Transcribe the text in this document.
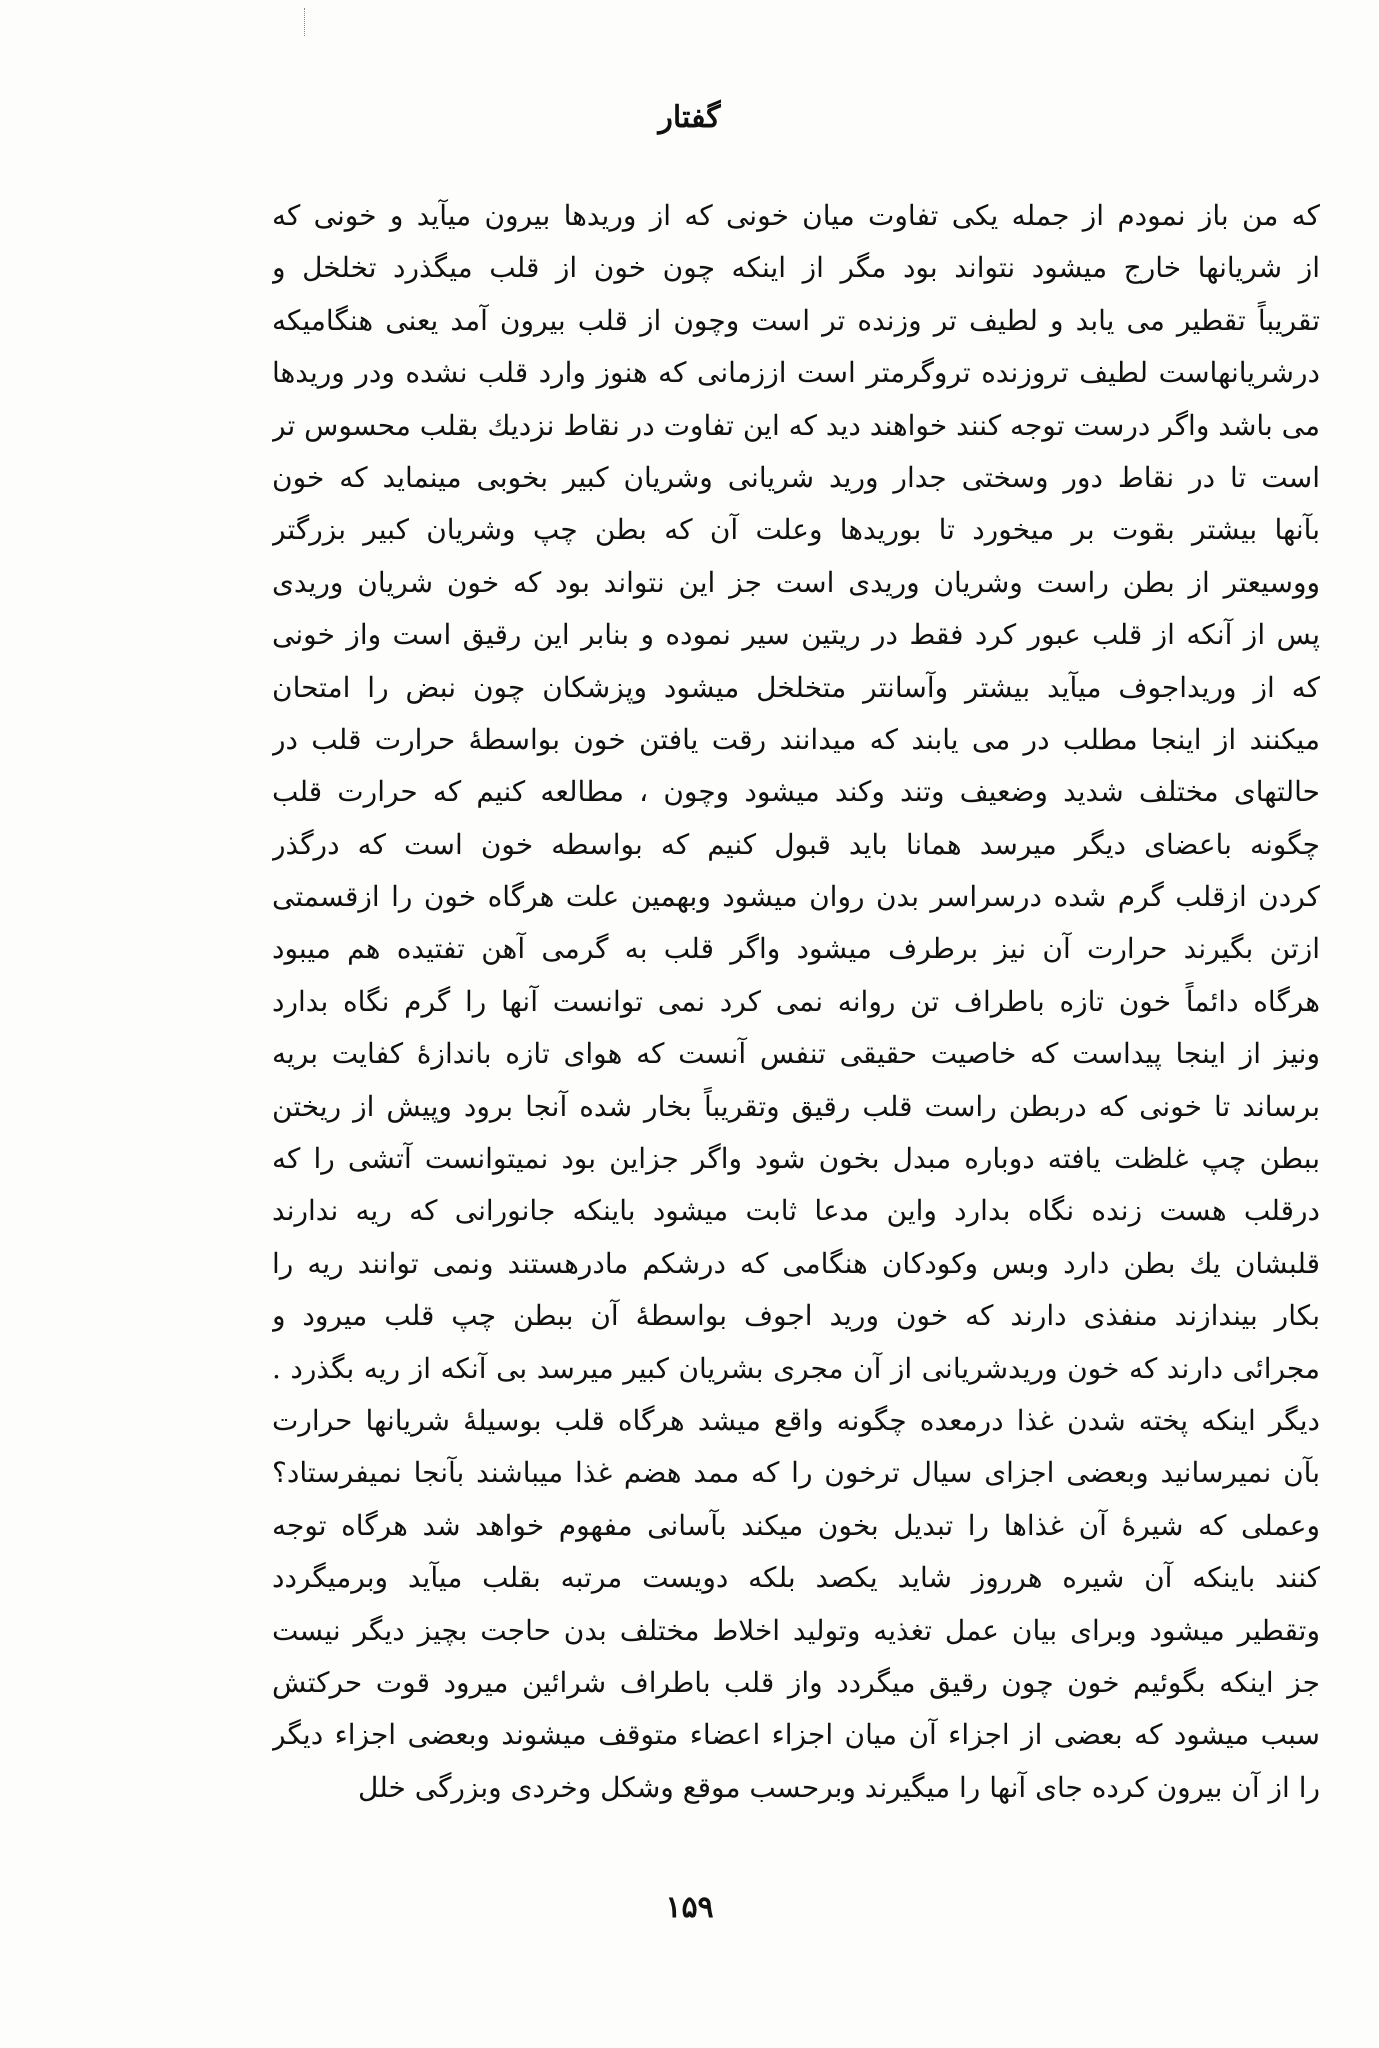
گفتار
که من باز نمودم از جمله یکی تفاوت میان خونی که از وریدها بیرون میآید و خونی که
از شریانها خارج میشود نتواند بود مگر از اینکه چون خون از قلب میگذرد تخلخل و
تقریباً تقطیر می یابد و لطیف تر وزنده تر است وچون از قلب بیرون آمد یعنی هنگامیکه
درشریانهاست لطیف تروزنده تروگرمتر است اززمانی که هنوز وارد قلب نشده ودر وریدها
می باشد واگر درست توجه کنند خواهند دید که این تفاوت در نقاط نزدیك بقلب محسوس تر
است تا در نقاط دور وسختی جدار ورید شریانی وشریان کبیر بخوبی مینماید که خون
بآنها بیشتر بقوت بر میخورد تا بوریدها وعلت آن که بطن چپ وشریان کبیر بزرگتر
ووسیعتر از بطن راست وشریان وریدی است جز این نتواند بود که خون شریان وریدی
پس از آنکه از قلب عبور کرد فقط در ریتین سیر نموده و بنابر این رقیق است واز خونی
که از وریداجوف میآید بیشتر وآسانتر متخلخل میشود وپزشکان چون نبض را امتحان
میکنند از اینجا مطلب در می یابند که میدانند رقت یافتن خون بواسطهٔ حرارت قلب در
حالتهای مختلف شدید وضعیف وتند وکند میشود وچون ، مطالعه کنیم که حرارت قلب
چگونه باعضای دیگر میرسد همانا باید قبول کنیم که بواسطه خون است که درگذر
کردن ازقلب گرم شده درسراسر بدن روان میشود وبهمین علت هرگاه خون را ازقسمتی
ازتن بگیرند حرارت آن نیز برطرف میشود واگر قلب به گرمی آهن تفتیده هم میبود
هرگاه دائماً خون تازه باطراف تن روانه نمی کرد نمی توانست آنها را گرم نگاه بدارد
ونیز از اینجا پیداست که خاصیت حقیقی تنفس آنست که هوای تازه باندازهٔ کفایت بریه
برساند تا خونی که دربطن راست قلب رقیق وتقریباً بخار شده آنجا برود وپیش از ریختن
ببطن چپ غلظت یافته دوباره مبدل بخون شود واگر جزاین بود نمیتوانست آتشی را که
درقلب هست زنده نگاه بدارد واین مدعا ثابت میشود باینکه جانورانی که ریه ندارند
قلبشان یك بطن دارد وبس وکودکان هنگامی که درشکم مادرهستند ونمی توانند ریه را
بکار بیندازند منفذی دارند که خون ورید اجوف بواسطهٔ آن ببطن چپ قلب میرود و
مجرائی دارند که خون وریدشریانی از آن مجری بشریان کبیر میرسد بی آنکه از ریه بگذرد .
دیگر اینکه پخته شدن غذا درمعده چگونه واقع میشد هرگاه قلب بوسیلهٔ شریانها حرارت
بآن نمیرسانید وبعضی اجزای سیال ترخون را که ممد هضم غذا میباشند بآنجا نمیفرستاد؟
وعملی که شیرهٔ آن غذاها را تبدیل بخون میکند بآسانی مفهوم خواهد شد هرگاه توجه
کنند باینکه آن شیره هرروز شاید یکصد بلکه دویست مرتبه بقلب میآید وبرمیگردد
وتقطیر میشود وبرای بیان عمل تغذیه وتولید اخلاط مختلف بدن حاجت بچیز دیگر نیست
جز اینکه بگوئیم خون چون رقیق میگردد واز قلب باطراف شرائین میرود قوت حرکتش
سبب میشود که بعضی از اجزاء آن میان اجزاء اعضاء متوقف میشوند وبعضی اجزاء دیگر
را از آن بیرون کرده جای آنها را میگیرند وبرحسب موقع وشکل وخردی وبزرگی خلل
۱۵۹
